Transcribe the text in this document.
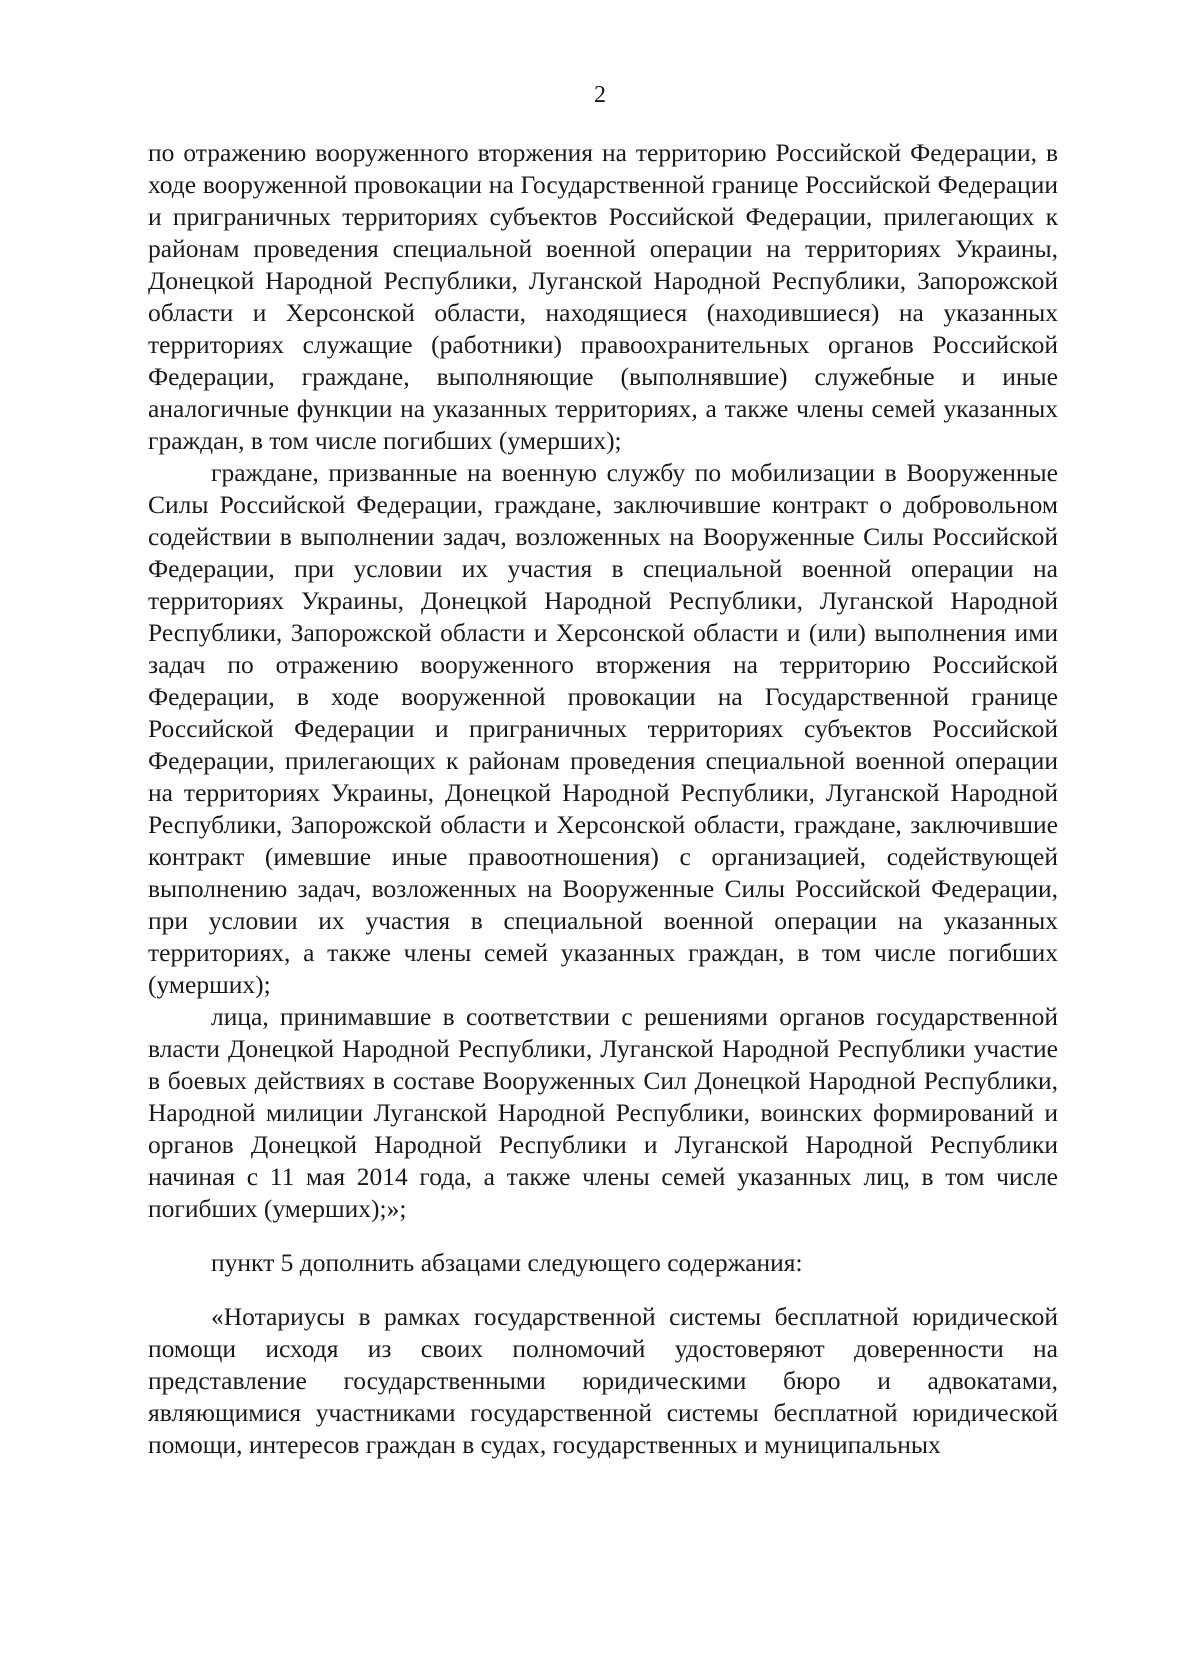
2

по отражению вооруженного вторжения на территорию Российской Федерации, в ходе вооруженной провокации на Государственной границе Российской Федерации и приграничных территориях субъектов Российской Федерации, прилегающих к районам проведения специальной военной операции на территориях Украины, Донецкой Народной Республики, Луганской Народной Республики, Запорожской области и Херсонской области, находящиеся (находившиеся) на указанных территориях служащие (работники) правоохранительных органов Российской Федерации, граждане, выполняющие (выполнявшие) служебные и иные аналогичные функции на указанных территориях, а также члены семей указанных граждан, в том числе погибших (умерших);

граждане, призванные на военную службу по мобилизации в Вооруженные Силы Российской Федерации, граждане, заключившие контракт о добровольном содействии в выполнении задач, возложенных на Вооруженные Силы Российской Федерации, при условии их участия в специальной военной операции на территориях Украины, Донецкой Народной Республики, Луганской Народной Республики, Запорожской области и Херсонской области и (или) выполнения ими задач по отражению вооруженного вторжения на территорию Российской Федерации, в ходе вооруженной провокации на Государственной границе Российской Федерации и приграничных территориях субъектов Российской Федерации, прилегающих к районам проведения специальной военной операции на территориях Украины, Донецкой Народной Республики, Луганской Народной Республики, Запорожской области и Херсонской области, граждане, заключившие контракт (имевшие иные правоотношения) с организацией, содействующей выполнению задач, возложенных на Вооруженные Силы Российской Федерации, при условии их участия в специальной военной операции на указанных территориях, а также члены семей указанных граждан, в том числе погибших (умерших);

лица, принимавшие в соответствии с решениями органов государственной власти Донецкой Народной Республики, Луганской Народной Республики участие в боевых действиях в составе Вооруженных Сил Донецкой Народной Республики, Народной милиции Луганской Народной Республики, воинских формирований и органов Донецкой Народной Республики и Луганской Народной Республики начиная с 11 мая 2014 года, а также члены семей указанных лиц, в том числе погибших (умерших);»;

пункт 5 дополнить абзацами следующего содержания:

«Нотариусы в рамках государственной системы бесплатной юридической помощи исходя из своих полномочий удостоверяют доверенности на представление государственными юридическими бюро и адвокатами, являющимися участниками государственной системы бесплатной юридической помощи, интересов граждан в судах, государственных и муниципальных
